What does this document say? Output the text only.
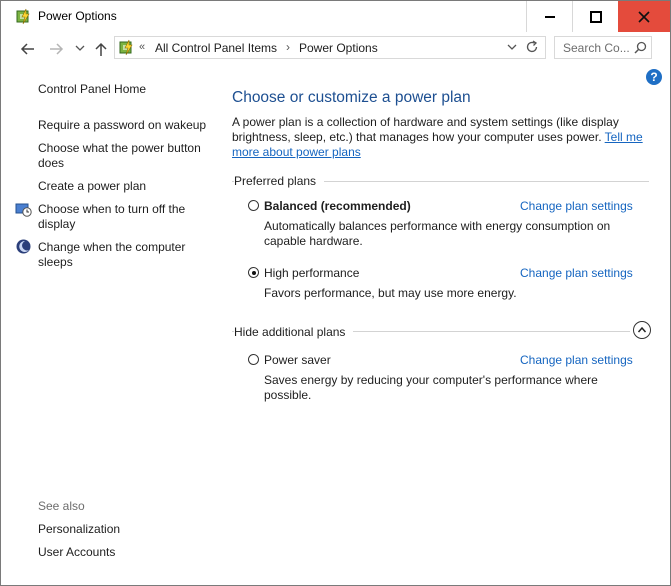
Power Options
« All Control Panel Items › Power Options
Search Co...
?
Control Panel Home
Require a password on wakeup
Choose what the power button does
Create a power plan
Choose when to turn off the display
Change when the computer sleeps
See also
Personalization
User Accounts
Choose or customize a power plan
A power plan is a collection of hardware and system settings (like display brightness, sleep, etc.) that manages how your computer uses power. Tell me more about power plans
Preferred plans
Balanced (recommended)	Change plan settings
Automatically balances performance with energy consumption on capable hardware.
High performance	Change plan settings
Favors performance, but may use more energy.
Hide additional plans
Power saver	Change plan settings
Saves energy by reducing your computer's performance where possible.
